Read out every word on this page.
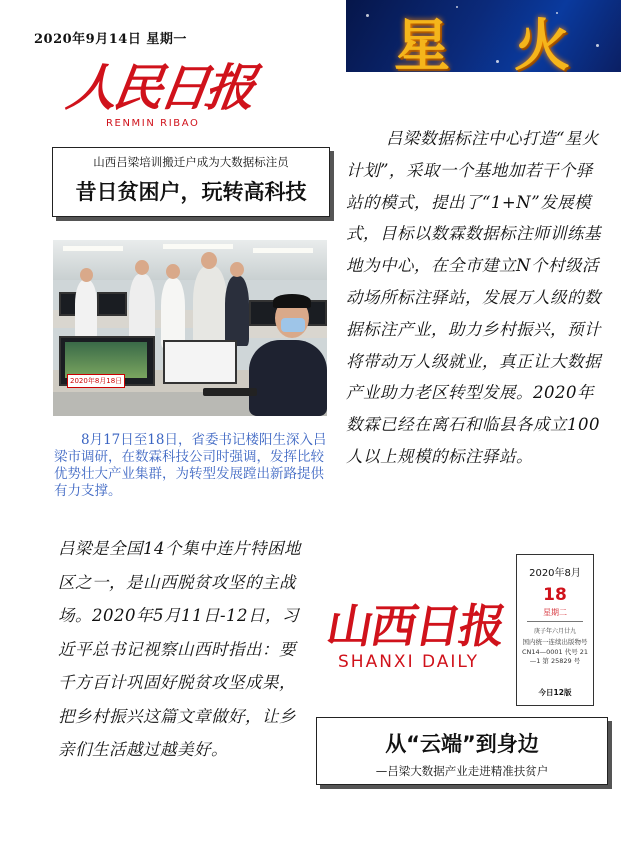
2020年9月14日 星期一
人民日报
RENMIN RIBAO
星 火
山西吕梁培训搬迁户成为大数据标注员
昔日贫困户，玩转高科技
2020年8月18日
8月17日至18日，省委书记楼阳生深入吕梁市调研，在数霖科技公司时强调，发挥比较优势壮大产业集群，为转型发展蹚出新路提供有力支撑。
吕梁是全国14个集中连片特困地区之一，是山西脱贫攻坚的主战场。2020年5月11日-12日，习近平总书记视察山西时指出：要千方百计巩固好脱贫攻坚成果，把乡村振兴这篇文章做好，让乡亲们生活越过越美好。
吕梁数据标注中心打造“星火计划”，采取一个基地加若干个驿站的模式，提出了“1+N”发展模式，目标以数霖数据标注师训练基地为中心，在全市建立N个村级活动场所标注驿站，发展万人级的数据标注产业，助力乡村振兴，预计将带动万人级就业，真正让大数据产业助力老区转型发展。2020年数霖已经在离石和临县各成立100人以上规模的标注驿站。
山西日报
SHANXI DAILY
2020年8月
18
星期二
庚子年六月廿九
国内统一连续出版物号 CN14—0001 代号 21—1 第 25829 号
今日12版
从“云端”到身边
—吕梁大数据产业走进精准扶贫户
